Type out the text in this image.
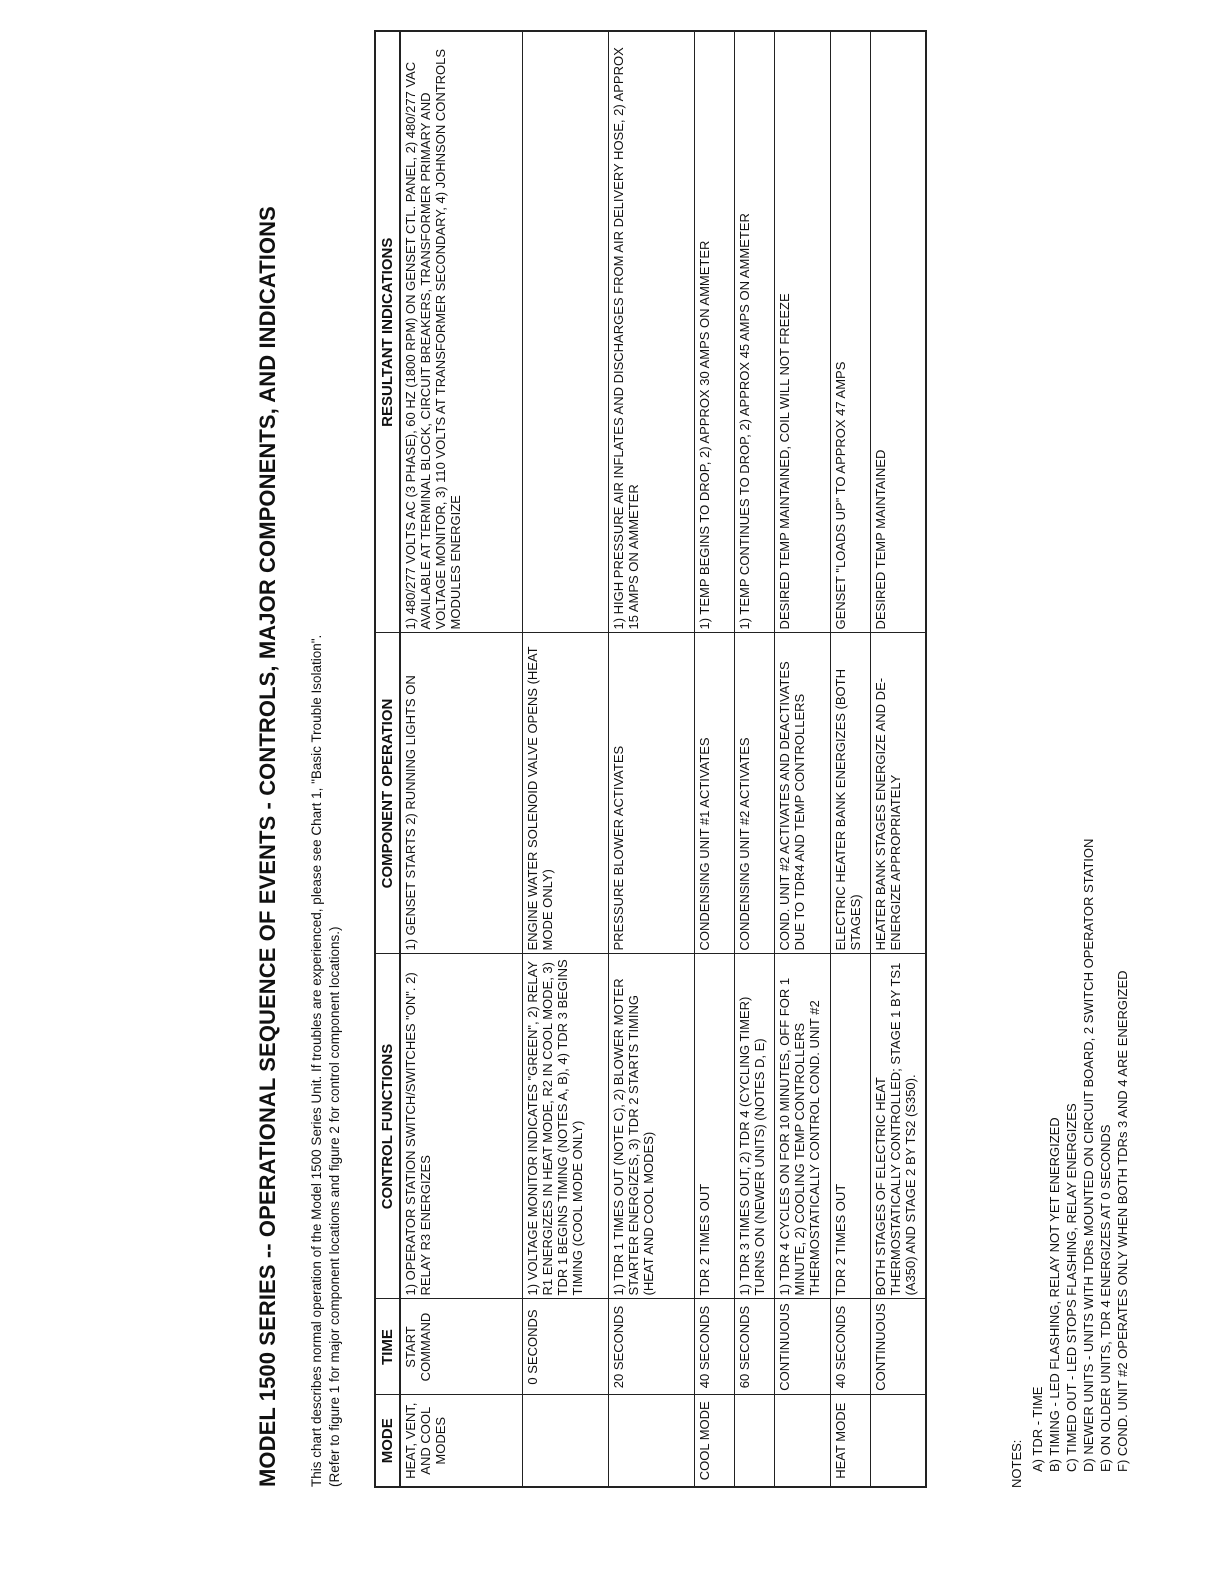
MODEL 1500 SERIES -- OPERATIONAL SEQUENCE OF EVENTS - CONTROLS, MAJOR COMPONENTS, AND INDICATIONS This chart describes normal operation of the Model 1500 Series Unit. If troubles are experienced, please see Chart 1, "Basic Trouble Isolation". (Refer to figure 1 for major component locations and figure 2 for control component locations.) MODE	TIME	CONTROL FUNCTIONS	COMPONENT OPERATION	RESULTANT INDICATIONS
HEAT, VENT, AND COOL MODES	START COMMAND	1) OPERATOR STATION SWITCH/SWITCHES "ON". 2) RELAY R3 ENERGIZES	1) GENSET STARTS 2) RUNNING LIGHTS ON	1) 480/277 VOLTS AC (3 PHASE), 60 HZ (1800 RPM) ON GENSET CTL. PANEL, 2) 480/277 VAC AVAILABLE AT TERMINAL BLOCK, CIRCUIT BREAKERS, TRANSFORMER PRIMARY AND VOLTAGE MONITOR, 3) 110 VOLTS AT TRANSFORMER SECONDARY, 4) JOHNSON CONTROLS MODULES ENERGIZE
	0 SECONDS	1) VOLTAGE MONITOR INDICATES "GREEN", 2) RELAY R1 ENERGIZES IN HEAT MODE, R2 IN COOL MODE, 3) TDR 1 BEGINS TIMING (NOTES A, B), 4) TDR 3 BEGINS TIMING (COOL MODE ONLY)	ENGINE WATER SOLENOID VALVE OPENS (HEAT MODE ONLY)	
	20 SECONDS	1) TDR 1 TIMES OUT (NOTE C), 2) BLOWER MOTER STARTER ENERGIZES, 3) TDR 2 STARTS TIMING (HEAT AND COOL MODES)	PRESSURE BLOWER ACTIVATES	1) HIGH PRESSURE AIR INFLATES AND DISCHARGES FROM AIR DELIVERY HOSE, 2) APPROX 15 AMPS ON AMMETER
COOL MODE	40 SECONDS	TDR 2 TIMES OUT	CONDENSING UNIT #1 ACTIVATES	1) TEMP BEGINS TO DROP, 2) APPROX 30 AMPS ON AMMETER
	60 SECONDS	1) TDR 3 TIMES OUT, 2) TDR 4 (CYCLING TIMER) TURNS ON (NEWER UNITS) (NOTES D, E)	CONDENSING UNIT #2 ACTIVATES	1) TEMP CONTINUES TO DROP, 2) APPROX 45 AMPS ON AMMETER
	CONTINUOUS	1) TDR 4 CYCLES ON FOR 10 MINUTES, OFF FOR 1 MINUTE, 2) COOLING TEMP CONTROLLERS THERMOSTATICALLY CONTROL COND. UNIT #2	COND. UNIT #2 ACTIVATES AND DEACTIVATES DUE TO TDR4 AND TEMP CONTROLLERS	DESIRED TEMP MAINTAINED, COIL WILL NOT FREEZE
HEAT MODE	40 SECONDS	TDR 2 TIMES OUT	ELECTRIC HEATER BANK ENERGIZES (BOTH STAGES)	GENSET "LOADS UP" TO APPROX 47 AMPS
	CONTINUOUS	BOTH STAGES OF ELECTRIC HEAT THERMOSTATICALLY CONTROLLED; STAGE 1 BY TS1 (A350) AND STAGE 2 BY TS2 (S350).	HEATER BANK STAGES ENERGIZE AND DE-ENERGIZE APPROPRIATELY	DESIRED TEMP MAINTAINED
NOTES: A) TDR - TIME B) TIMING - LED FLASHING, RELAY NOT YET ENERGIZED C) TIMED OUT - LED STOPS FLASHING, RELAY ENERGIZES D) NEWER UNITS - UNITS WITH TDRs MOUNTED ON CIRCUIT BOARD, 2 SWITCH OPERATOR STATION E) ON OLDER UNITS, TDR 4 ENERGIZES AT 0 SECONDS F) COND. UNIT #2 OPERATES ONLY WHEN BOTH TDRs 3 AND 4 ARE ENERGIZED
